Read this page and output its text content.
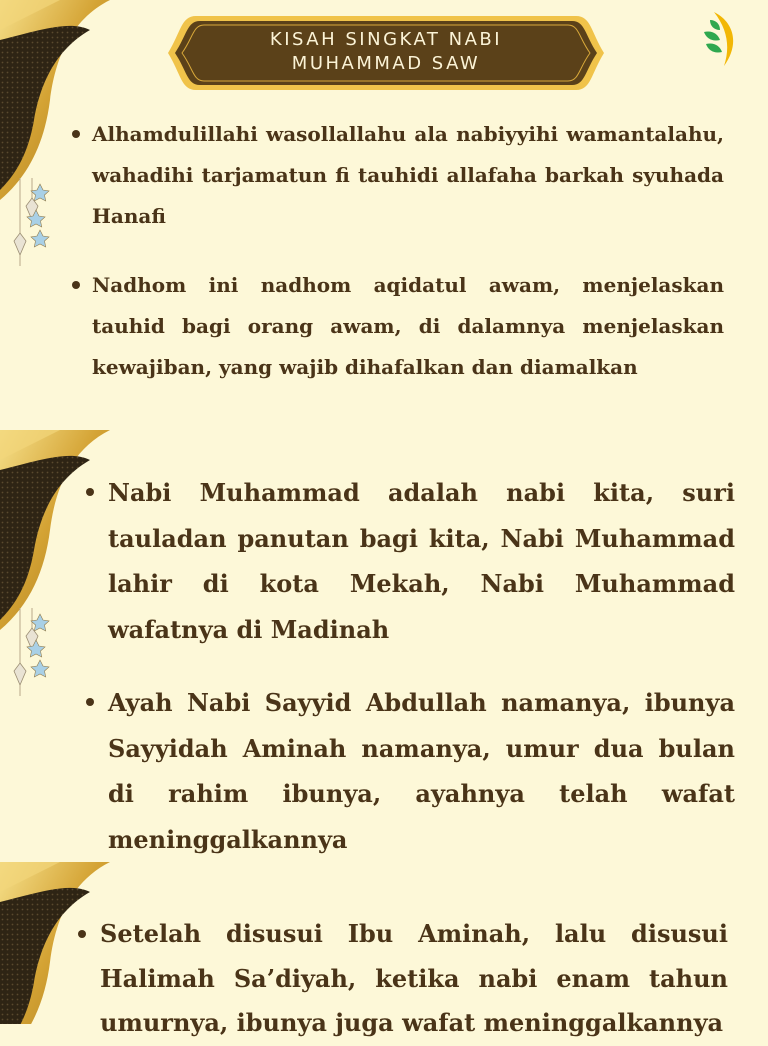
KISAH SINGKAT NABI
MUHAMMAD SAW
Alhamdulillahi wasollallahu ala nabiyyihi wamantalahu, wahadihi tarjamatun fi tauhidi allafaha barkah syuhada Hanafi
Nadhom ini nadhom aqidatul awam, menjelaskan tauhid bagi orang awam, di dalamnya menjelaskan kewajiban, yang wajib dihafalkan dan diamalkan
Nabi Muhammad adalah nabi kita, suri tauladan panutan bagi kita, Nabi Muhammad lahir di kota Mekah, Nabi Muhammad wafatnya di Madinah
Ayah Nabi Sayyid Abdullah namanya, ibunya Sayyidah Aminah namanya, umur dua bulan di rahim ibunya, ayahnya telah wafat meninggalkannya
Setelah disusui Ibu Aminah, lalu disusui Halimah Sa’diyah, ketika nabi enam tahun umurnya, ibunya juga wafat meninggalkannya
